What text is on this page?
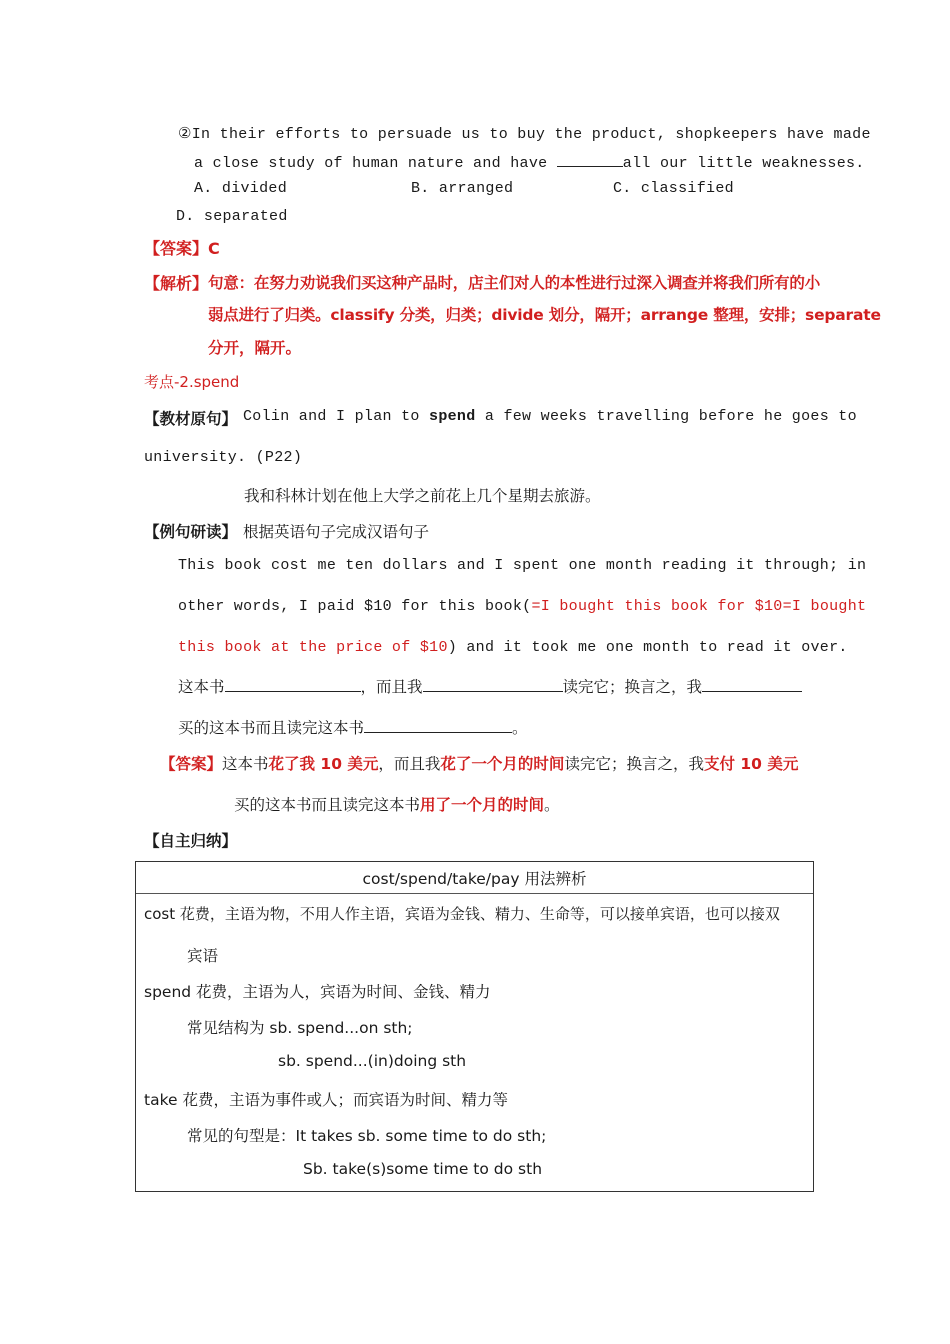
②In their efforts to persuade us to buy the product, shopkeepers have made
a close study of human nature and have	all our little weaknesses.
A. divided	B. arranged	C. classified
D. separated
【答案】C
【解析】 句意：在努力劝说我们买这种产品时，店主们对人的本性进行过深入调查并将我们所有的小
弱点进行了归类。classify 分类，归类；divide 划分，隔开；arrange 整理，安排；separate
分开，隔开。
考点-2.spend
【教材原句】 Colin and I plan to spend a few weeks travelling before he goes to
university. (P22)
我和科林计划在他上大学之前花上几个星期去旅游。
【例句研读】 根据英语句子完成汉语句子
This book cost me ten dollars and I spent one month reading it through; in
other words, I paid $10 for this book(=I bought this book for $10=I bought
this book at the price of $10) and it took me one month to read it over.
这本书	，而且我	读完它；换言之，我
买的这本书而且读完这本书	。
【答案】这本书花了我 10 美元，而且我花了一个月的时间读完它；换言之，我支付 10 美元
买的这本书而且读完这本书用了一个月的时间。
【自主归纳】
cost/spend/take/pay 用法辨析
cost 花费，主语为物，不用人作主语，宾语为金钱、精力、生命等，可以接单宾语，也可以接双
宾语
spend 花费，主语为人，宾语为时间、金钱、精力
常见结构为 sb. spend...on sth;
sb. spend...(in)doing sth
take 花费，主语为事件或人；而宾语为时间、精力等
常见的句型是：It takes sb. some time to do sth;
Sb. take(s)some time to do sth
